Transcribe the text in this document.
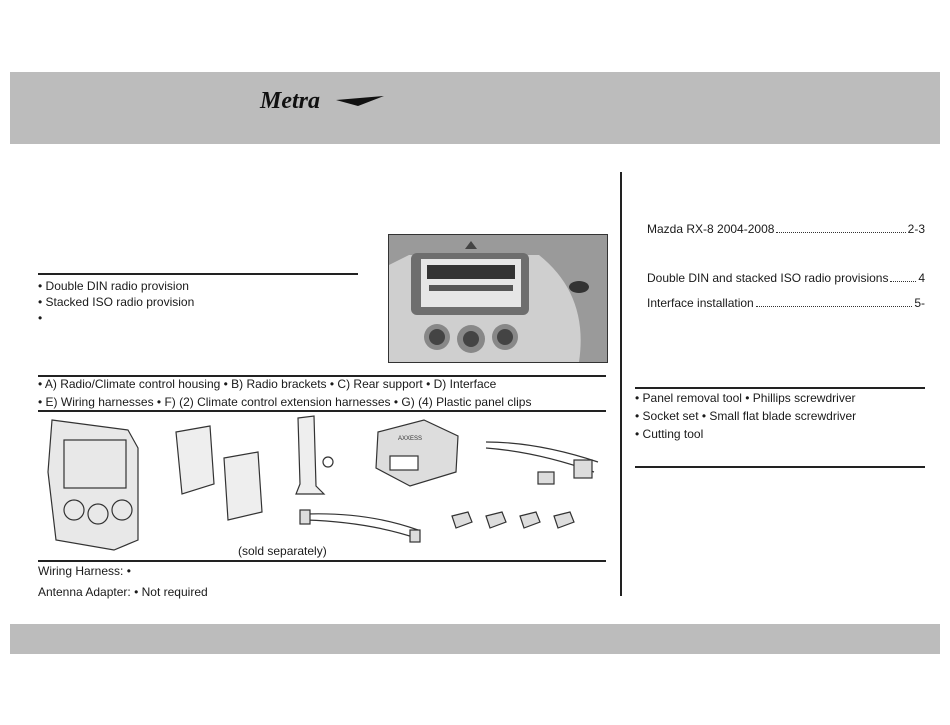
Metra
• Double DIN radio provision
• Stacked ISO radio provision
•
• A) Radio/Climate control housing • B) Radio brackets • C) Rear support • D) Interface
• E) Wiring harnesses • F) (2) Climate control extension harnesses • G) (4) Plastic panel clips
AXXESS
(sold separately)
Wiring Harness: •
Antenna Adapter: • Not required
Mazda RX-8 2004-2008	2-3
Double DIN and stacked ISO radio provisions 4
Interface installation	5-
• Panel removal tool • Phillips screwdriver
• Socket set • Small flat blade screwdriver
• Cutting tool
